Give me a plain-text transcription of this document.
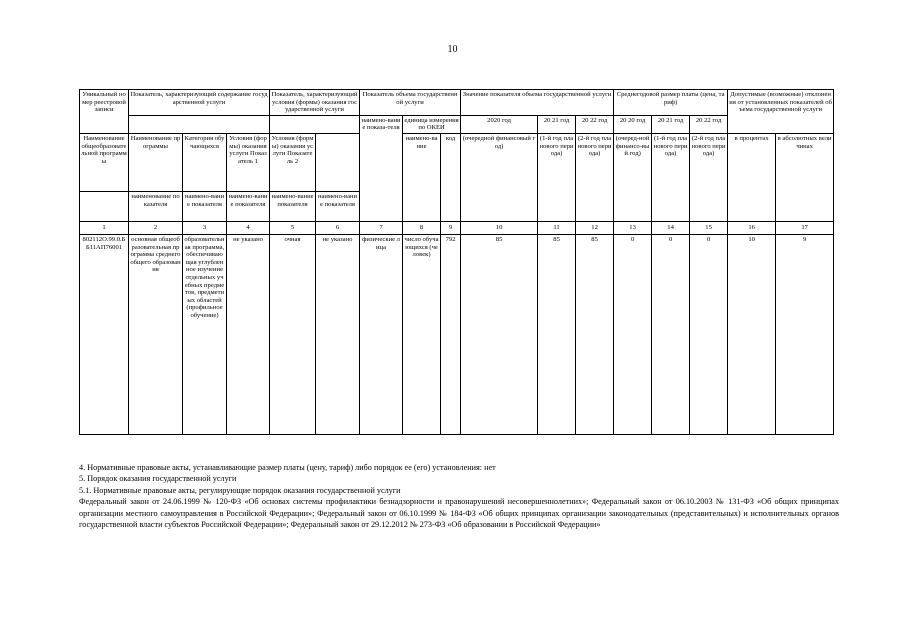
10
Уникальный номер реестровой записи	Показатель, характеризующий содержание государственной услуги			Показатель, характеризующий условия (формы) оказания государственной услуги		Показатель объема государственной услуги			Значение показателя объема государственной услуги			Среднегодовой размер платы (цена, тариф)			Допустимые (возможные) отклонения от установленных показателей объема государственной услуги	
						наимено-вание показа-теля	единица измерения по ОКЕИ		2020 год	20 21 год	20 22 год	20 20 год	20 21 год	20 22 год		
							наимено-вание	код	(очередной финансовый год)	(1-й год планового периода)	(2-й год планового периода)	(очеред-ной финансо-вый год)	(1-й год планового периода)	(2-й год планового периода)	в процентах	в абсолютных величинах
Наименование общеобразовательной программы	Наименование программы	Категория обучающихся	Условия (формы) оказания услуги Показатель 1	Условия (формы) оказания услуги Показатель 2												
	наименование показателя	наимено-вание показателя	наимено-вание показателя	наимено-вание показателя	наимено-вание показателя											
1	2	3	4	5	6	7	8	9	10	11	12	13	14	15	16	17
802112О.99.0.ББ11АП76001	основная общеобразовательная программа среднего общего образования	образовательная программа, обеспечивающая углубленное изучение отдельных учебных предметов, предметных областей (профильное обучение)	не указано	очная	не указано	физические лица	число обучающихся (человек)	792	85	85	85	0	0	0	10	9

4. Нормативные правовые акты, устанавливающие размер платы (цену, тариф) либо порядок ее (его) установления: нет

5. Порядок оказания государственной услуги

5.1. Нормативные правовые акты, регулирующие порядок оказания государственной услуги

Федеральный закон от 24.06.1999 № 120-ФЗ «Об основах системы профилактики безнадзорности и правонарушений несовершеннолетних»; Федеральный закон от 06.10.2003 № 131-ФЗ «Об общих принципах организации местного самоуправления в Российской Федерации»; Федеральный закон от 06.10.1999 № 184-ФЗ «Об общих принципах организации законодательных (представительных) и исполнительных органов государственной власти субъектов Российской Федерации»; Федеральный закон от 29.12.2012 № 273-ФЗ «Об образовании в Российской Федерации»
